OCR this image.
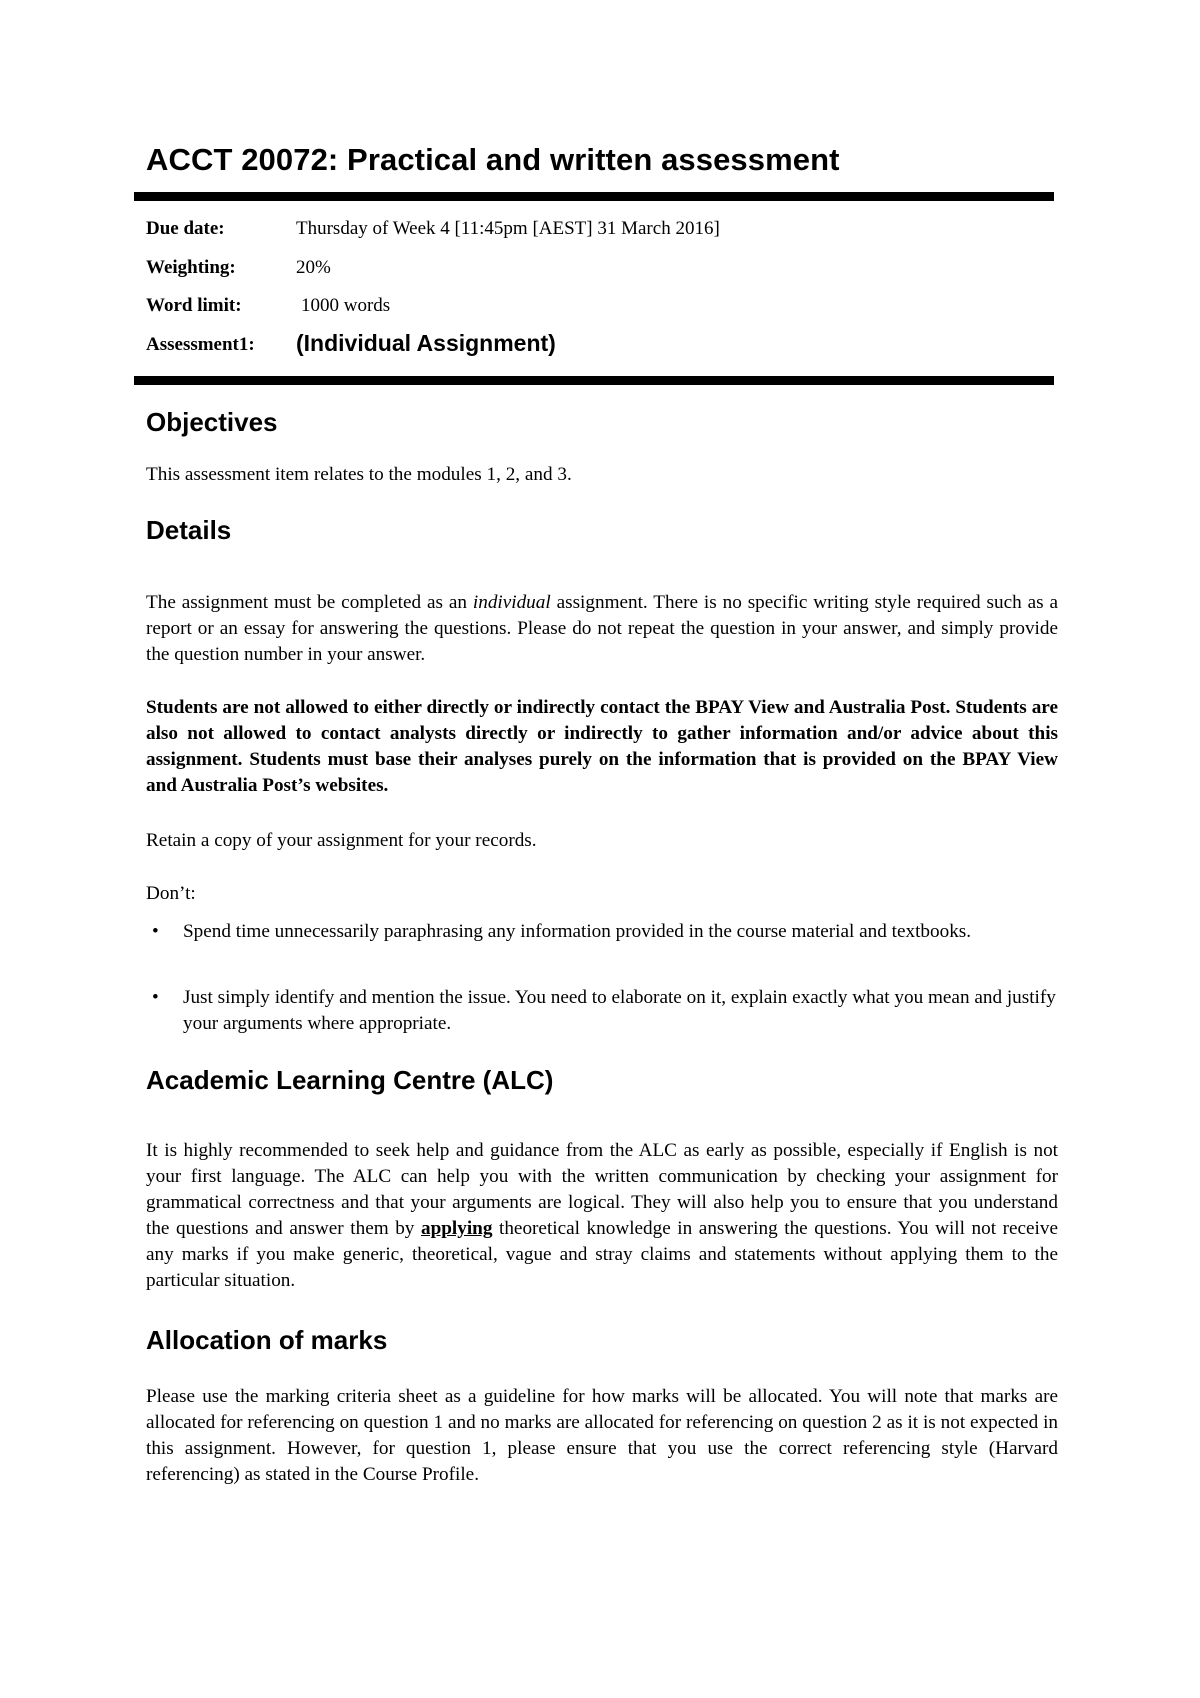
ACCT 20072: Practical and written assessment
Due date:	Thursday of Week 4 [11:45pm [AEST] 31 March 2016]
Weighting:	20%
Word limit:	1000 words
Assessment1: (Individual Assignment)
Objectives

This assessment item relates to the modules 1, 2, and 3.

Details

The assignment must be completed as an individual assignment. There is no specific writing style required such as a report or an essay for answering the questions. Please do not repeat the question in your answer, and simply provide the question number in your answer.

Students are not allowed to either directly or indirectly contact the BPAY View and Australia Post. Students are also not allowed to contact analysts directly or indirectly to gather information and/or advice about this assignment. Students must base their analyses purely on the information that is provided on the BPAY View and Australia Post’s websites.

Retain a copy of your assignment for your records.

Don’t:

• Spend time unnecessarily paraphrasing any information provided in the course material and textbooks.
• Just simply identify and mention the issue. You need to elaborate on it, explain exactly what you mean and justify your arguments where appropriate.
Academic Learning Centre (ALC)

It is highly recommended to seek help and guidance from the ALC as early as possible, especially if English is not your first language. The ALC can help you with the written communication by checking your assignment for grammatical correctness and that your arguments are logical. They will also help you to ensure that you understand the questions and answer them by applying theoretical knowledge in answering the questions. You will not receive any marks if you make generic, theoretical, vague and stray claims and statements without applying them to the particular situation.

Allocation of marks

Please use the marking criteria sheet as a guideline for how marks will be allocated. You will note that marks are allocated for referencing on question 1 and no marks are allocated for referencing on question 2 as it is not expected in this assignment. However, for question 1, please ensure that you use the correct referencing style (Harvard referencing) as stated in the Course Profile.
